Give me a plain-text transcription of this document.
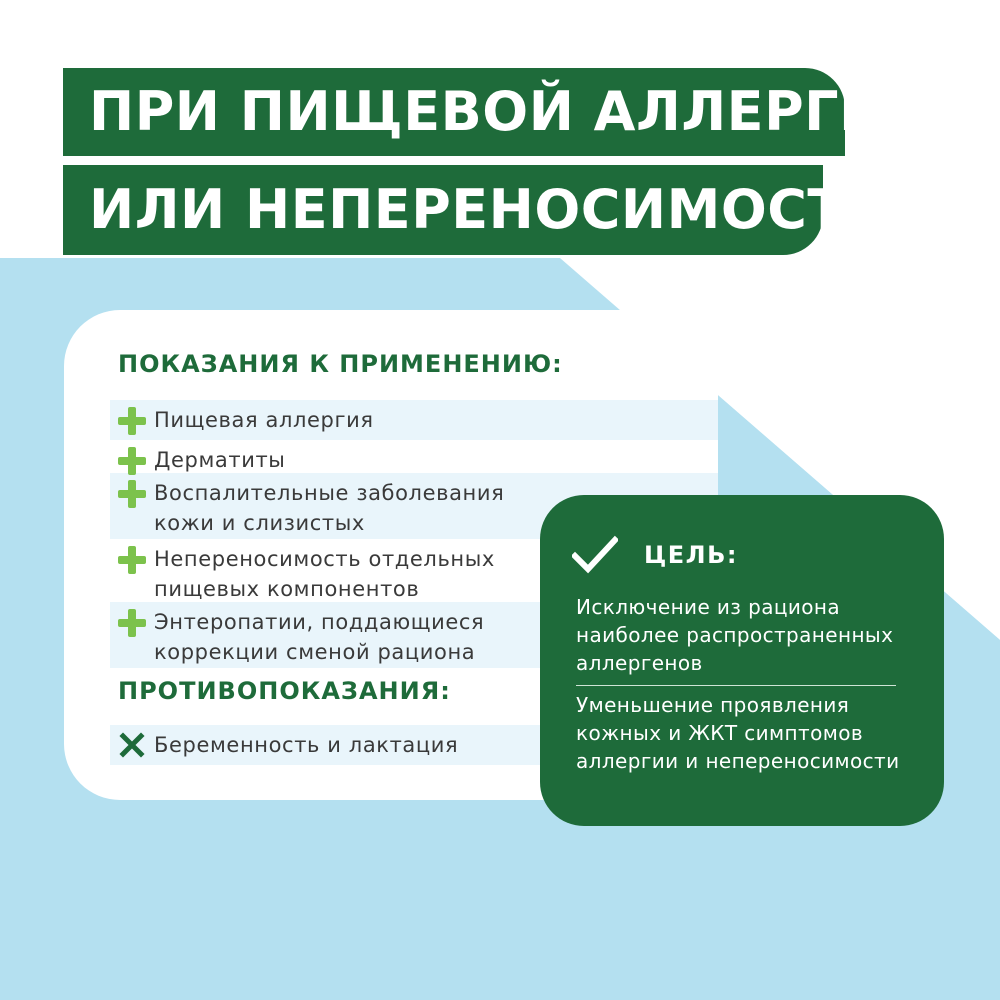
ПРИ ПИЩЕВОЙ АЛЛЕРГИИ
ИЛИ НЕПЕРЕНОСИМОСТИ
ПОКАЗАНИЯ К ПРИМЕНЕНИЮ:
Пищевая аллергия
Дерматиты
Воспалительные заболевания
кожи и слизистых
Непереносимость отдельных
пищевых компонентов
Энтеропатии, поддающиеся
коррекции сменой рациона
ПРОТИВОПОКАЗАНИЯ:
Беременность и лактация
ЦЕЛЬ:
Исключение из рациона
наиболее распространенных
аллергенов
Уменьшение проявления
кожных и ЖКТ симптомов
аллергии и непереносимости
